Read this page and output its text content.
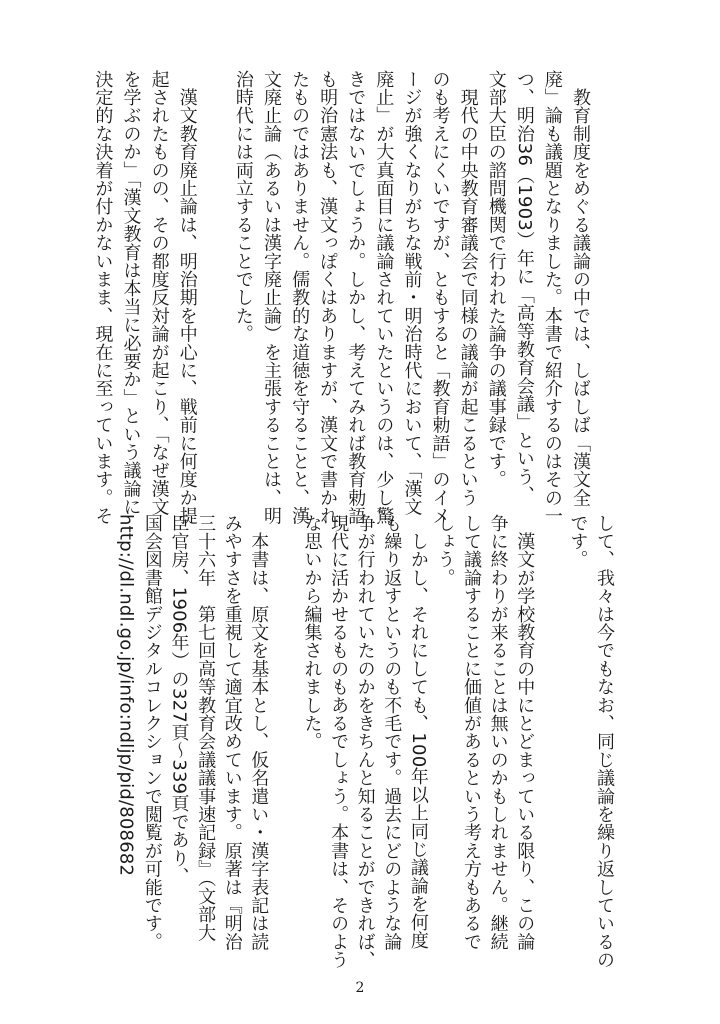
　教育制度をめぐる議論の中では、しばしば「漢文全
廃」論も議題となりました。本書で紹介するのはその一
つ、明治36（1903）年に「高等教育会議」という、
文部大臣の諮問機関で行われた論争の議事録です。
　現代の中央教育審議会で同様の議論が起こるという
のも考えにくいですが、ともすると「教育勅語」のイメ
ージが強くなりがちな戦前・明治時代において、「漢文
廃止」が大真面目に議論されていたというのは、少し驚
きではないでしょうか。しかし、考えてみれば教育勅語
も明治憲法も、漢文っぽくはありますが、漢文で書かれ
たものではありません。儒教的な道徳を守ることと、漢
文廃止論（あるいは漢字廃止論）を主張することは、明
治時代には両立することでした。

　漢文教育廃止論は、明治期を中心に、戦前に何度か提
起されたものの、その都度反対論が起こり、「なぜ漢文
を学ぶのか」「漢文教育は本当に必要か」という議論に
決定的な決着が付かないまま、現在に至っています。そ
して、我々は今でもなお、同じ議論を繰り返しているの
です。

　漢文が学校教育の中にとどまっている限り、この論
争に終わりが来ることは無いのかもしれません。継続
して議論することに価値があるという考え方もあるで
しょう。
　しかし、それにしても、100年以上同じ議論を何度
も繰り返すというのも不毛です。過去にどのような論
争が行われていたのかをきちんと知ることができれば、
現代に活かせるものもあるでしょう。本書は、そのよう
な思いから編集されました。

　本書は、原文を基本とし、仮名遣い・漢字表記は読
みやすさを重視して適宜改めています。原著は『明治
三十六年　第七回高等教育会議議事速記録』（文部大
臣官房、1906年）の327頁～339頁であり、
国会図書館デジタルコレクションで閲覧が可能です。
http://dl.ndl.go.jp/info:ndljp/pid/808682
2
